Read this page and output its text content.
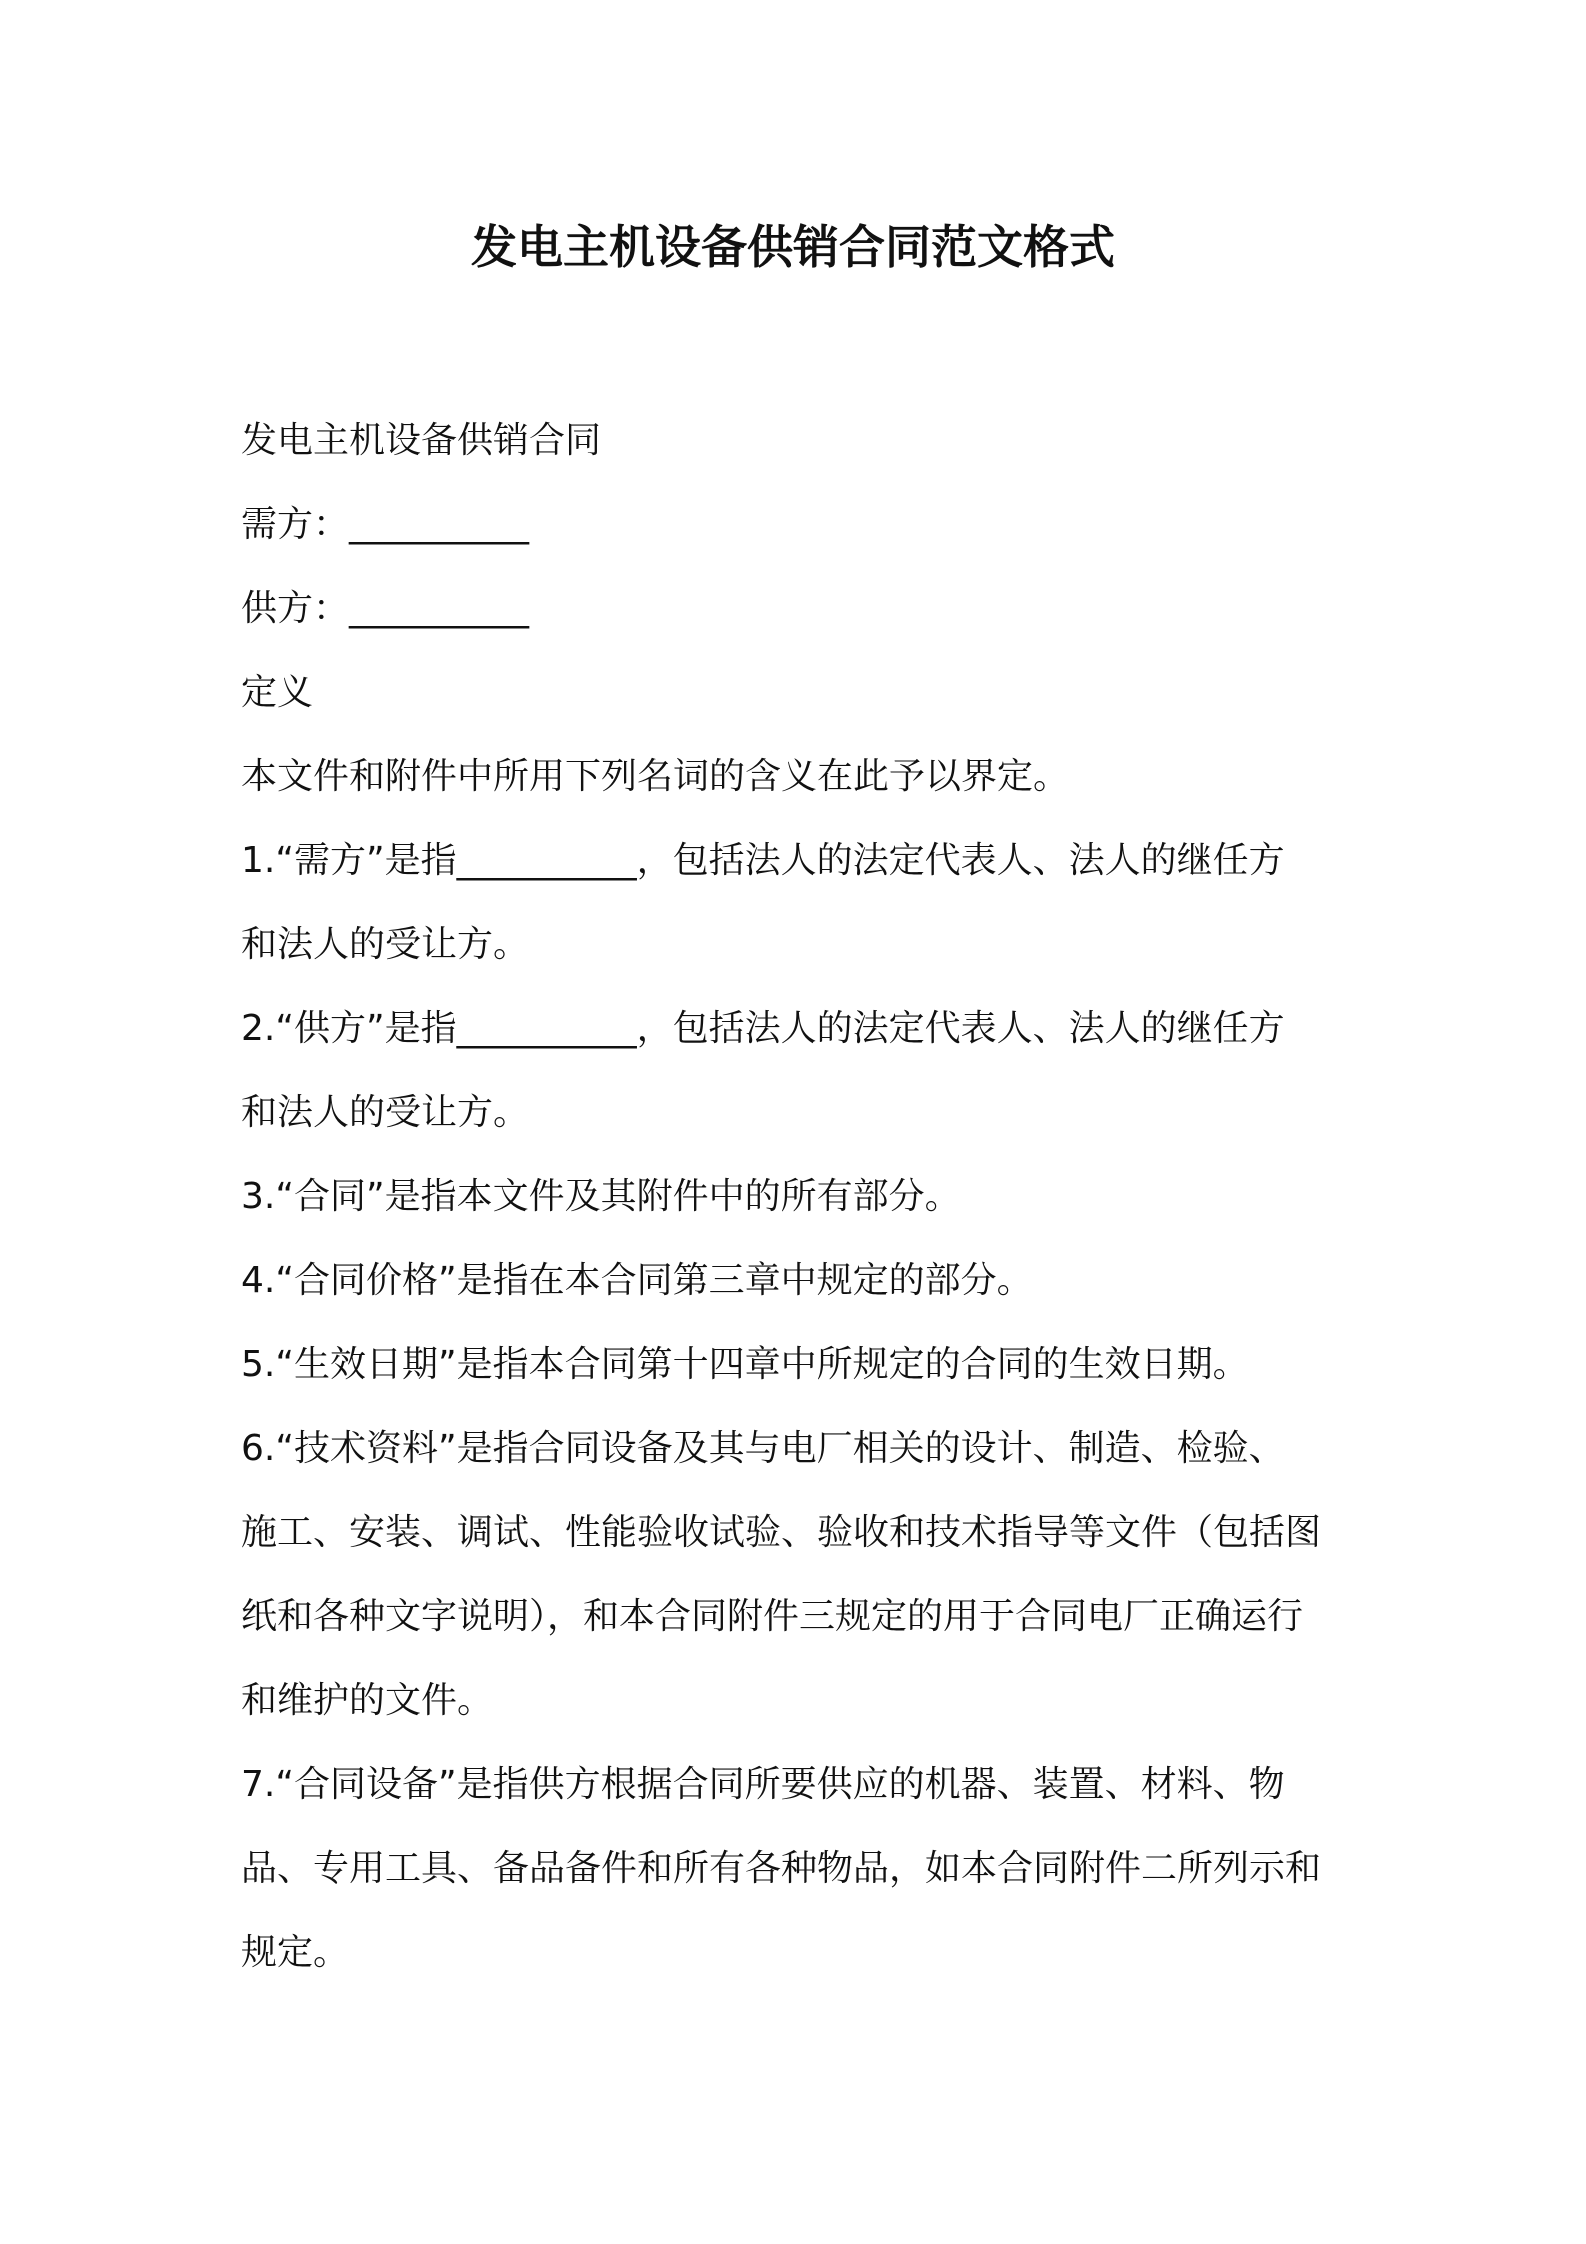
发电主机设备供销合同范文格式
发电主机设备供销合同
需方：__________
供方：__________
定义
本文件和附件中所用下列名词的含义在此予以界定。
1.“需方”是指__________，包括法人的法定代表人、法人的继任方
和法人的受让方。
2.“供方”是指__________，包括法人的法定代表人、法人的继任方
和法人的受让方。
3.“合同”是指本文件及其附件中的所有部分。
4.“合同价格”是指在本合同第三章中规定的部分。
5.“生效日期”是指本合同第十四章中所规定的合同的生效日期。
6.“技术资料”是指合同设备及其与电厂相关的设计、制造、检验、
施工、安装、调试、性能验收试验、验收和技术指导等文件（包括图
纸和各种文字说明），和本合同附件三规定的用于合同电厂正确运行
和维护的文件。
7.“合同设备”是指供方根据合同所要供应的机器、装置、材料、物
品、专用工具、备品备件和所有各种物品，如本合同附件二所列示和
规定。
